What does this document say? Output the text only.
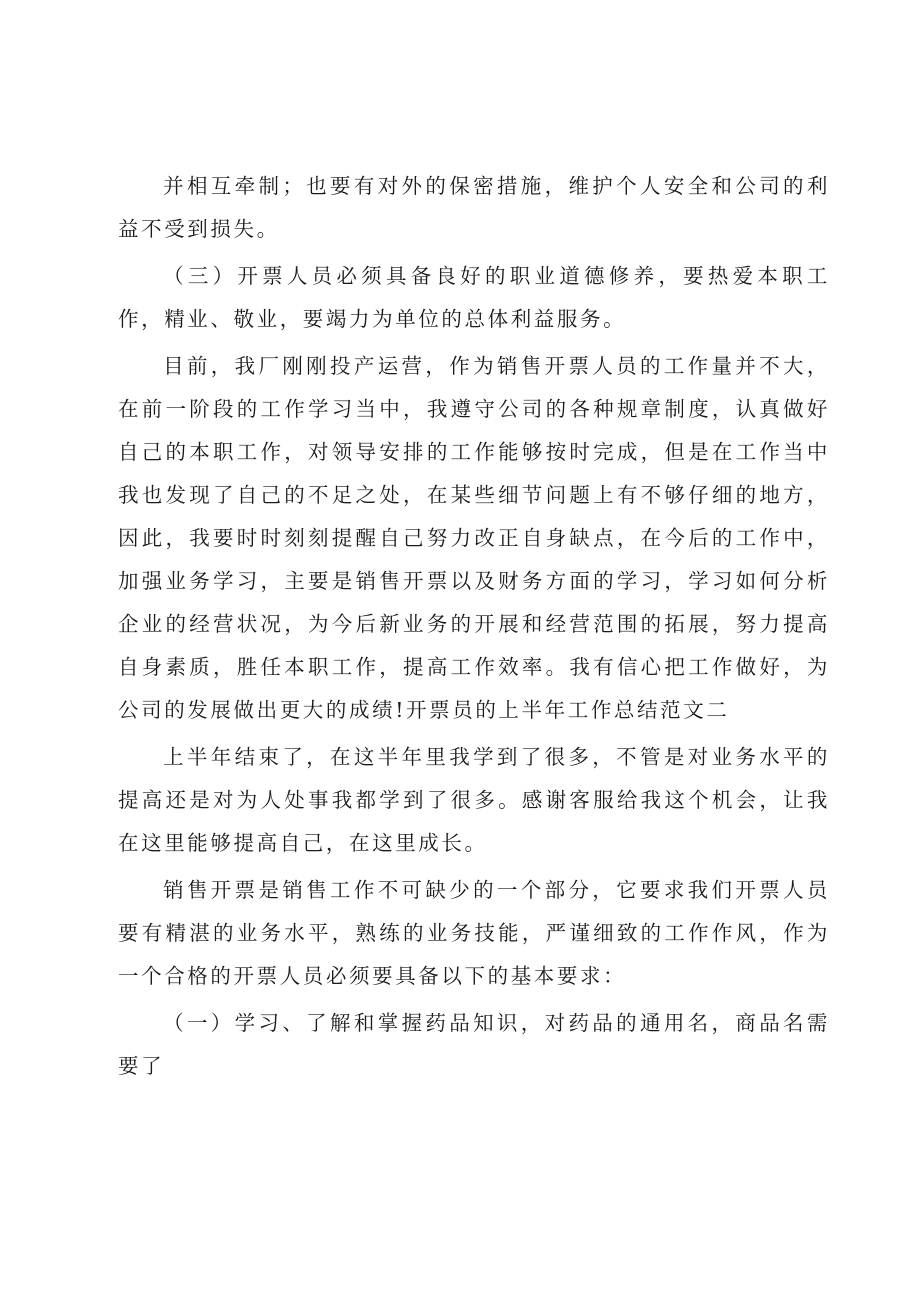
并相互牵制；也要有对外的保密措施，维护个人安全和公司的利益不受到损失。

（三）开票人员必须具备良好的职业道德修养，要热爱本职工作，精业、敬业，要竭力为单位的总体利益服务。

目前，我厂刚刚投产运营，作为销售开票人员的工作量并不大，在前一阶段的工作学习当中，我遵守公司的各种规章制度，认真做好自己的本职工作，对领导安排的工作能够按时完成，但是在工作当中我也发现了自己的不足之处，在某些细节问题上有不够仔细的地方，因此，我要时时刻刻提醒自己努力改正自身缺点，在今后的工作中，加强业务学习，主要是销售开票以及财务方面的学习，学习如何分析企业的经营状况，为今后新业务的开展和经营范围的拓展，努力提高自身素质，胜任本职工作，提高工作效率。我有信心把工作做好，为公司的发展做出更大的成绩!开票员的上半年工作总结范文二

上半年结束了，在这半年里我学到了很多，不管是对业务水平的提高还是对为人处事我都学到了很多。感谢客服给我这个机会，让我在这里能够提高自己，在这里成长。

销售开票是销售工作不可缺少的一个部分，它要求我们开票人员要有精湛的业务水平，熟练的业务技能，严谨细致的工作作风，作为一个合格的开票人员必须要具备以下的基本要求：

（一）学习、了解和掌握药品知识，对药品的通用名，商品名需要了
